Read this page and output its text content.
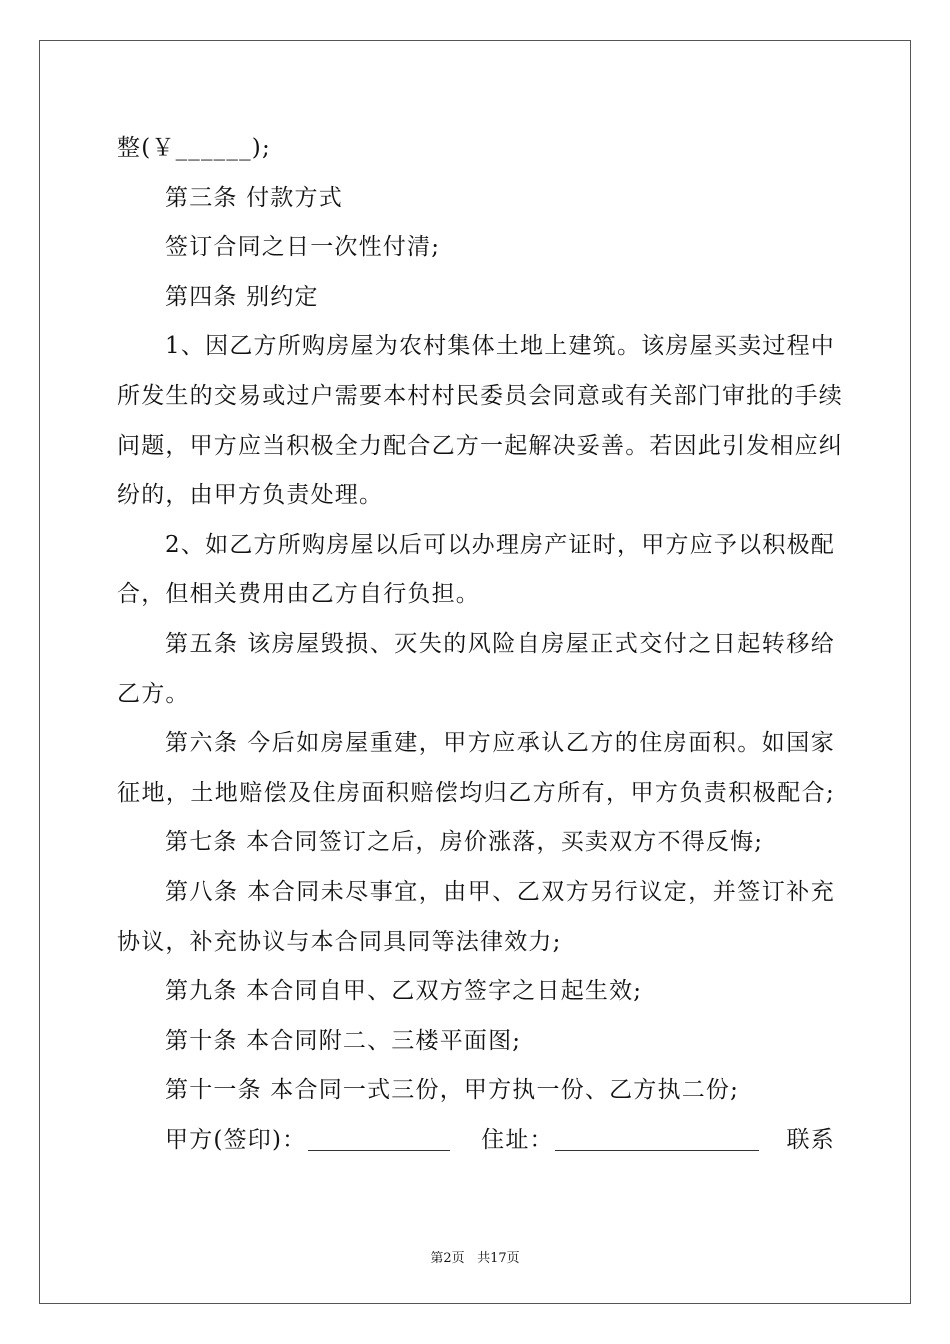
整(￥______);
第三条 付款方式
签订合同之日一次性付清;
第四条 别约定
1、因乙方所购房屋为农村集体土地上建筑。该房屋买卖过程中
所发生的交易或过户需要本村村民委员会同意或有关部门审批的手续
问题，甲方应当积极全力配合乙方一起解决妥善。若因此引发相应纠
纷的，由甲方负责处理。
2、如乙方所购房屋以后可以办理房产证时，甲方应予以积极配
合，但相关费用由乙方自行负担。
第五条 该房屋毁损、灭失的风险自房屋正式交付之日起转移给
乙方。
第六条 今后如房屋重建，甲方应承认乙方的住房面积。如国家
征地，土地赔偿及住房面积赔偿均归乙方所有，甲方负责积极配合;
第七条 本合同签订之后，房价涨落，买卖双方不得反悔;
第八条 本合同未尽事宜，由甲、乙双方另行议定，并签订补充
协议，补充协议与本合同具同等法律效力;
第九条 本合同自甲、乙双方签字之日起生效;
第十条 本合同附二、三楼平面图;
第十一条 本合同一式三份，甲方执一份、乙方执二份;
甲方(签印)：	住址：	联系
第2页 共17页
